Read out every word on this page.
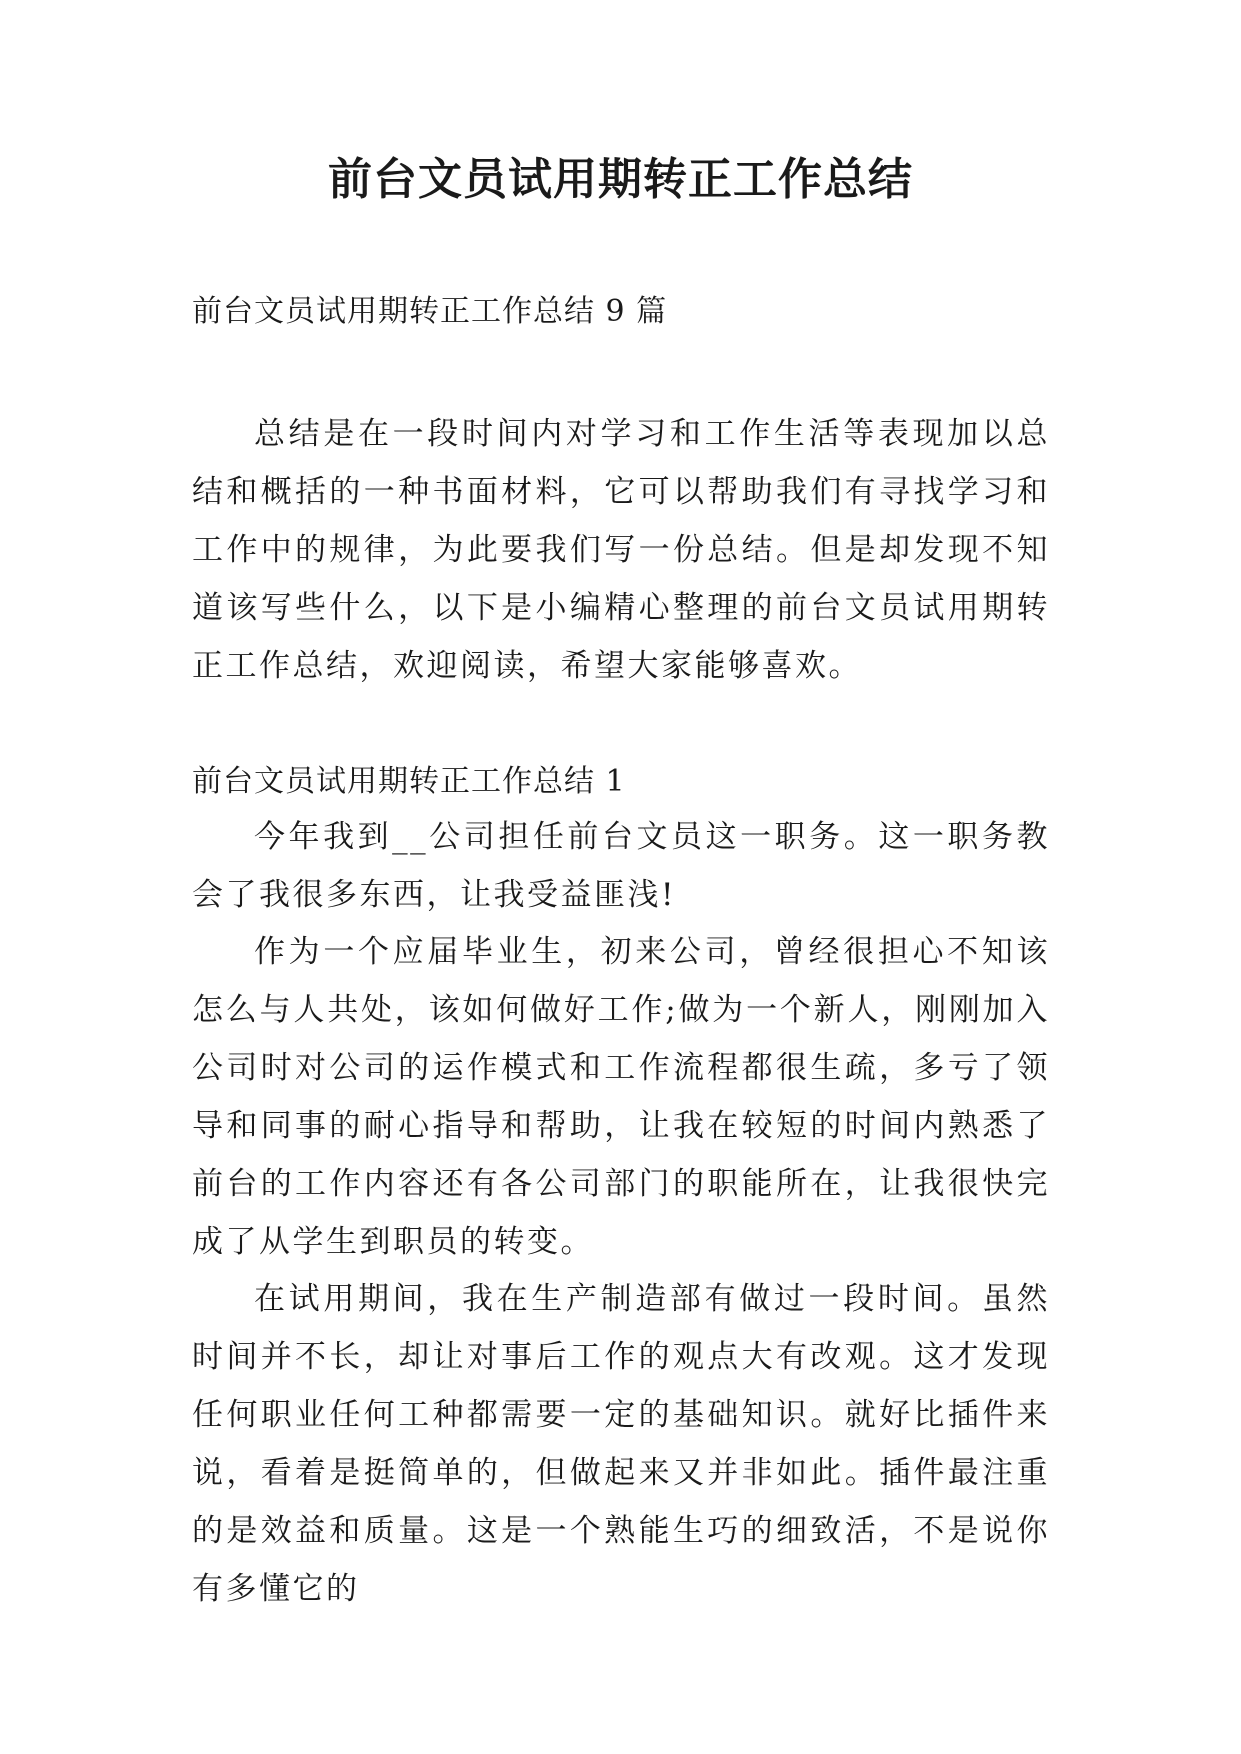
前台文员试用期转正工作总结

前台文员试用期转正工作总结 9 篇

总结是在一段时间内对学习和工作生活等表现加以总结和概括的一种书面材料，它可以帮助我们有寻找学习和工作中的规律，为此要我们写一份总结。但是却发现不知道该写些什么，以下是小编精心整理的前台文员试用期转正工作总结，欢迎阅读，希望大家能够喜欢。

前台文员试用期转正工作总结 1

今年我到__公司担任前台文员这一职务。这一职务教会了我很多东西，让我受益匪浅!

作为一个应届毕业生，初来公司，曾经很担心不知该怎么与人共处，该如何做好工作;做为一个新人，刚刚加入公司时对公司的运作模式和工作流程都很生疏，多亏了领导和同事的耐心指导和帮助，让我在较短的时间内熟悉了前台的工作内容还有各公司部门的职能所在，让我很快完成了从学生到职员的转变。

在试用期间，我在生产制造部有做过一段时间。虽然时间并不长，却让对事后工作的观点大有改观。这才发现任何职业任何工种都需要一定的基础知识。就好比插件来说，看着是挺简单的，但做起来又并非如此。插件最注重的是效益和质量。这是一个熟能生巧的细致活，不是说你有多懂它的
